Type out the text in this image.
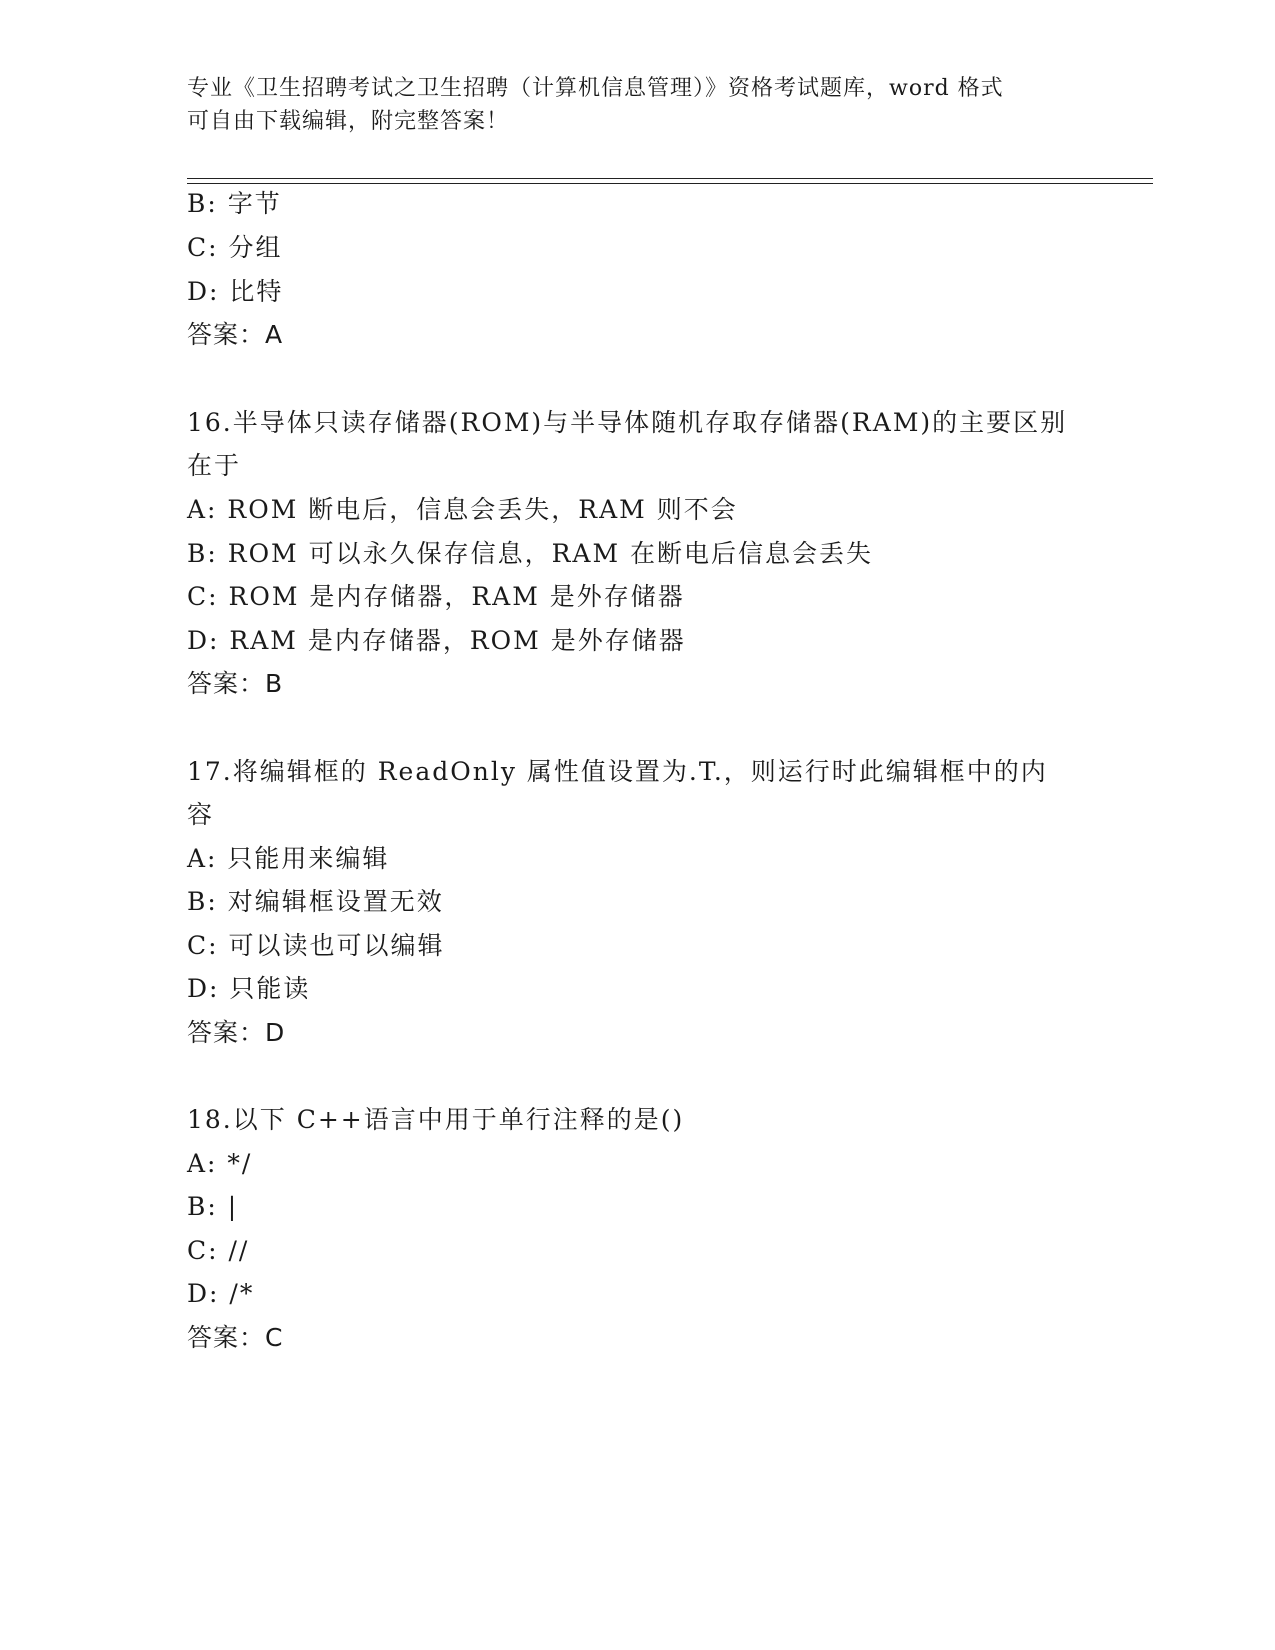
专业《卫生招聘考试之卫生招聘（计算机信息管理）》资格考试题库，word 格式
可自由下载编辑，附完整答案！
B: 字节
C: 分组
D: 比特
答案：A
16.半导体只读存储器(ROM)与半导体随机存取存储器(RAM)的主要区别
在于
A: ROM 断电后，信息会丢失，RAM 则不会
B: ROM 可以永久保存信息，RAM 在断电后信息会丢失
C: ROM 是内存储器，RAM 是外存储器
D: RAM 是内存储器，ROM 是外存储器
答案：B
17.将编辑框的 ReadOnly 属性值设置为.T.，则运行时此编辑框中的内
容
A: 只能用来编辑
B: 对编辑框设置无效
C: 可以读也可以编辑
D: 只能读
答案：D
18.以下 C++语言中用于单行注释的是()
A: */
B: |
C: //
D: /*
答案：C
